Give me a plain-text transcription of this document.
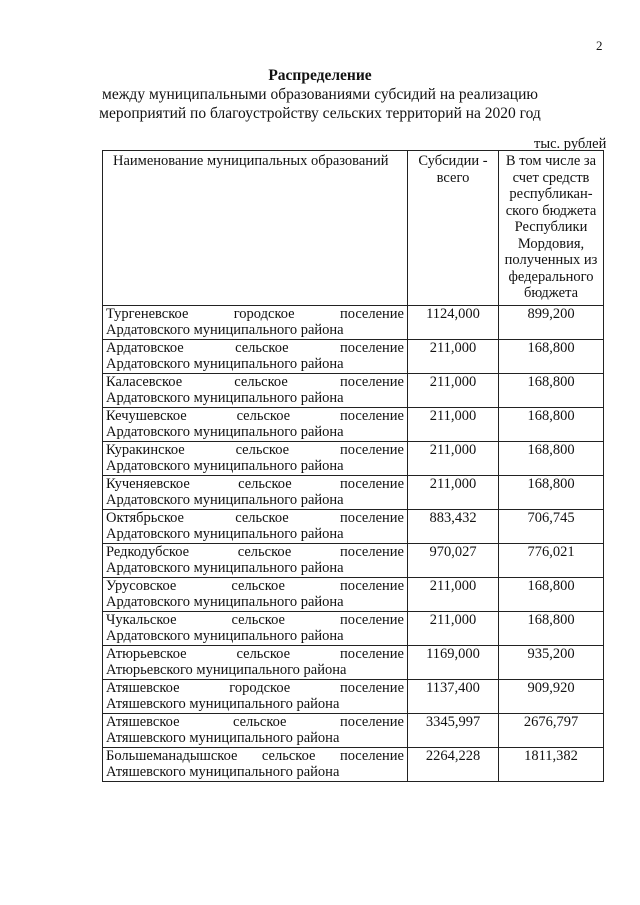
2
Распределение
между муниципальными образованиями субсидий на реализацию
мероприятий по благоустройству сельских территорий на 2020 год
тыс. рублей
Наименование муниципальных образований	Субсидии - всего	В том числе за счет средств республикан-ского бюджета Республики Мордовия, полученных из федерального бюджета

Тургеневское городское поселение
Ардатовского муниципального района	1124,000	899,200

Ардатовское сельское поселение
Ардатовского муниципального района	211,000	168,800

Каласевское сельское поселение
Ардатовского муниципального района	211,000	168,800

Кечушевское сельское поселение
Ардатовского муниципального района	211,000	168,800

Куракинское сельское поселение
Ардатовского муниципального района	211,000	168,800

Кученяевское сельское поселение
Ардатовского муниципального района	211,000	168,800

Октябрьское сельское поселение
Ардатовского муниципального района	883,432	706,745

Редкодубское сельское поселение
Ардатовского муниципального района	970,027	776,021

Урусовское сельское поселение
Ардатовского муниципального района	211,000	168,800

Чукальское сельское поселение
Ардатовского муниципального района	211,000	168,800

Атюрьевское сельское поселение
Атюрьевского муниципального района	1169,000	935,200

Атяшевское городское поселение
Атяшевского муниципального района	1137,400	909,920

Атяшевское сельское поселение
Атяшевского муниципального района	3345,997	2676,797

Большеманадышское сельское поселение
Атяшевского муниципального района	2264,228	1811,382
